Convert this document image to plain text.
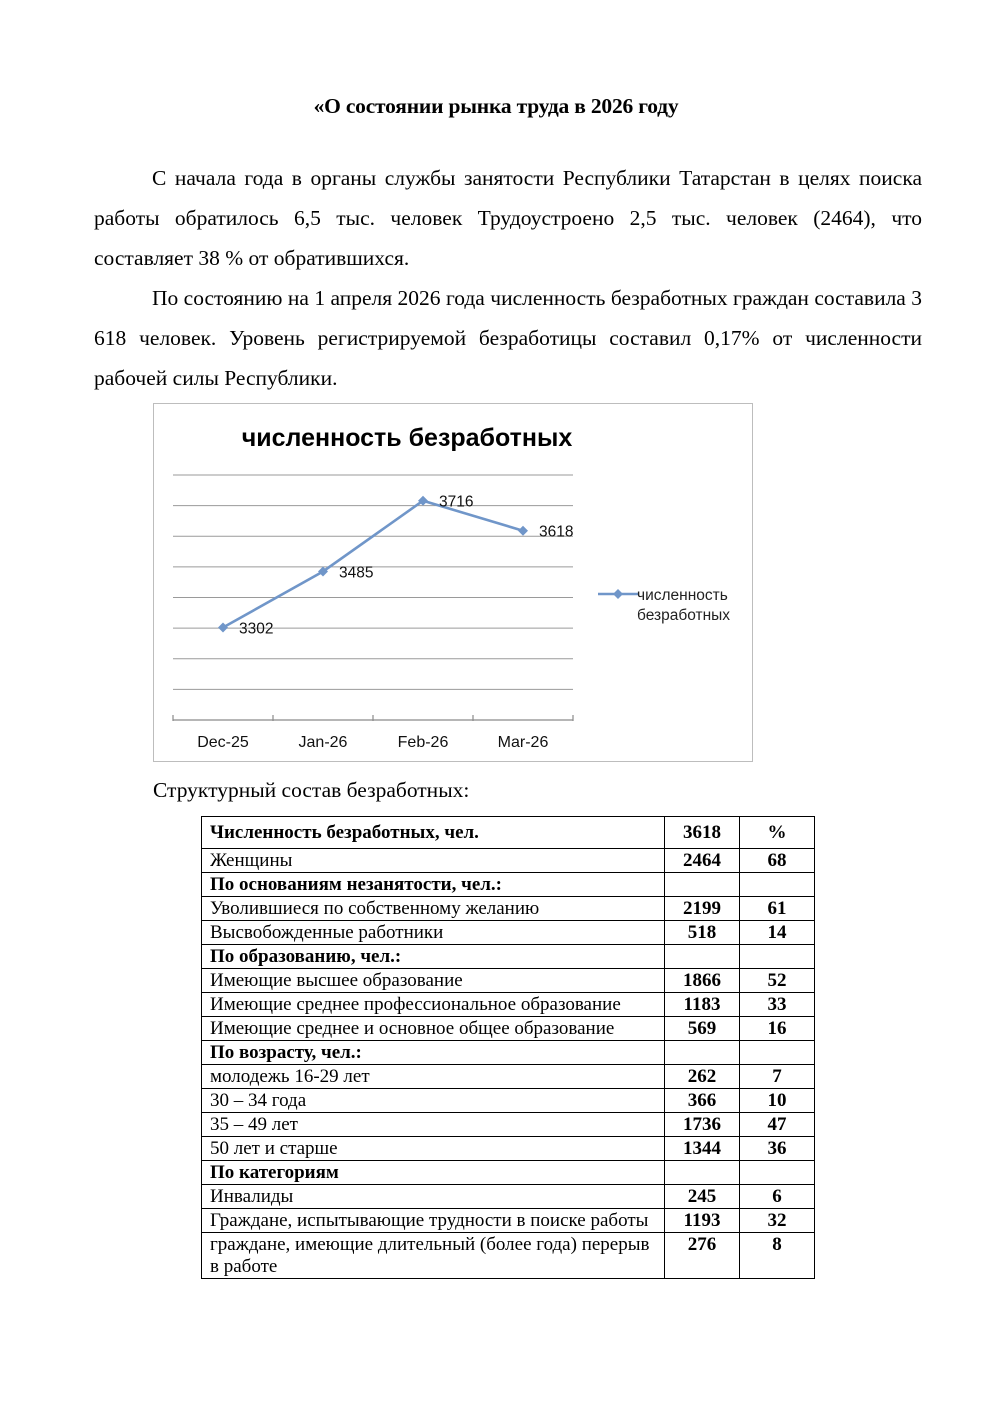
«О состоянии рынка труда в 2026 году
С начала года в органы службы занятости Республики Татарстан в целях поиска работы обратилось 6,5 тыс. человек Трудоустроено 2,5 тыс. человек (2464), что составляет 38 % от обратившихся.
По состоянию на 1 апреля 2026 года численность безработных граждан составила 3 618 человек. Уровень регистрируемой безработицы составил 0,17% от численности рабочей силы Республики.
численность безработных
Dec-25	Jan-26	Feb-26	Mar-26
3302
3485
3716
3618
численность
безработных
Структурный состав безработных:
Численность безработных, чел.	3618	%
Женщины	2464	68
По основаниям незанятости, чел.:		
Уволившиеся по собственному желанию	2199	61
Высвобожденные работники	518	14
По образованию, чел.:		
Имеющие высшее образование	1866	52
Имеющие среднее профессиональное образование	1183	33
Имеющие среднее и основное общее образование	569	16
По возрасту, чел.:		
молодежь 16-29 лет	262	7
30 – 34 года	366	10
35 – 49 лет	1736	47
50 лет и старше	1344	36
По категориям		
Инвалиды	245	6
Граждане, испытывающие трудности в поиске работы	1193	32
граждане, имеющие длительный (более года) перерыв в работе	276	8
